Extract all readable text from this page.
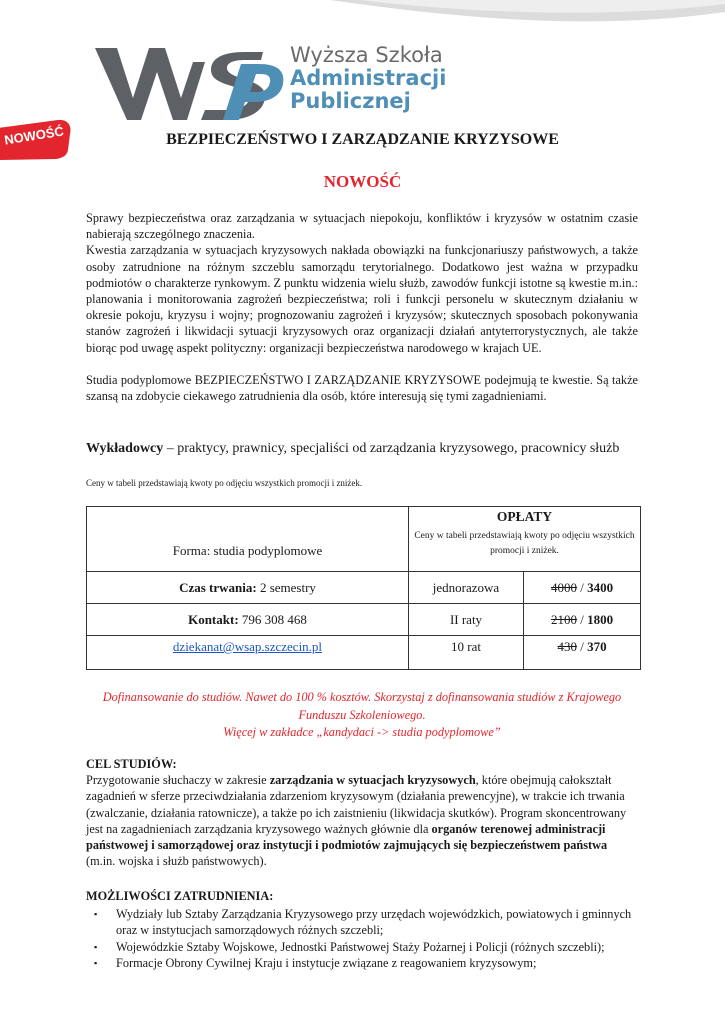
Wyższa Szkoła
Administracji
Publicznej
NOWOŚĆ	BEZPIECZEŃSTWO I ZARZĄDZANIE KRYZYSOWE
NOWOŚĆ

Sprawy bezpieczeństwa oraz zarządzania w sytuacjach niepokoju, konfliktów i kryzysów w ostatnim czasie nabierają szczególnego znaczenia.

Kwestia zarządzania w sytuacjach kryzysowych nakłada obowiązki na funkcjonariuszy państwowych, a także osoby zatrudnione na różnym szczeblu samorządu terytorialnego. Dodatkowo jest ważna w przypadku podmiotów o charakterze rynkowym. Z punktu widzenia wielu służb, zawodów funkcji istotne są kwestie m.in.: planowania i monitorowania zagrożeń bezpieczeństwa; roli i funkcji personelu w skutecznym działaniu w okresie pokoju, kryzysu i wojny; prognozowaniu zagrożeń i kryzysów; skutecznych sposobach pokonywania stanów zagrożeń i likwidacji sytuacji kryzysowych oraz organizacji działań antyterrorystycznych, ale także biorąc pod uwagę aspekt polityczny: organizacji bezpieczeństwa narodowego w krajach UE.

Studia podyplomowe BEZPIECZEŃSTWO I ZARZĄDZANIE KRYZYSOWE podejmują te kwestie. Są także szansą na zdobycie ciekawego zatrudnienia dla osób, które interesują się tymi zagadnieniami.

Wykładowcy – praktycy, prawnicy, specjaliści od zarządzania kryzysowego, pracownicy służb
Ceny w tabeli przedstawiają kwoty po odjęciu wszystkich promocji i zniżek.
Forma: studia podyplomowe	OPŁATY
Ceny w tabeli przedstawiają kwoty po odjęciu wszystkich promocji i zniżek.	

Czas trwania: 2 semestry	jednorazowa	4000 / 3400
Kontakt: 796 308 468	II raty	2100 / 1800
dziekanat@wsap.szczecin.pl	10 rat	430 / 370
Dofinansowanie do studiów. Nawet do 100 % kosztów. Skorzystaj z dofinansowania studiów z Krajowego Funduszu Szkoleniowego.
Więcej w zakładce „kandydaci -> studia podyplomowe”
CEL STUDIÓW:

Przygotowanie słuchaczy w zakresie zarządzania w sytuacjach kryzysowych, które obejmują całokształt zagadnień w sferze przeciwdziałania zdarzeniom kryzysowym (działania prewencyjne), w trakcie ich trwania (zwalczanie, działania ratownicze), a także po ich zaistnieniu (likwidacja skutków). Program skoncentrowany jest na zagadnieniach zarządzania kryzysowego ważnych głównie dla organów terenowej administracji państwowej i samorządowej oraz instytucji i podmiotów zajmujących się bezpieczeństwem państwa (m.in. wojska i służb państwowych).

MOŻLIWOŚCI ZATRUDNIENIA:
▪ Wydziały lub Sztaby Zarządzania Kryzysowego przy urzędach wojewódzkich, powiatowych i gminnych oraz w instytucjach samorządowych różnych szczebli;
▪ Wojewódzkie Sztaby Wojskowe, Jednostki Państwowej Staży Pożarnej i Policji (różnych szczebli);
▪ Formacje Obrony Cywilnej Kraju i instytucje związane z reagowaniem kryzysowym;
